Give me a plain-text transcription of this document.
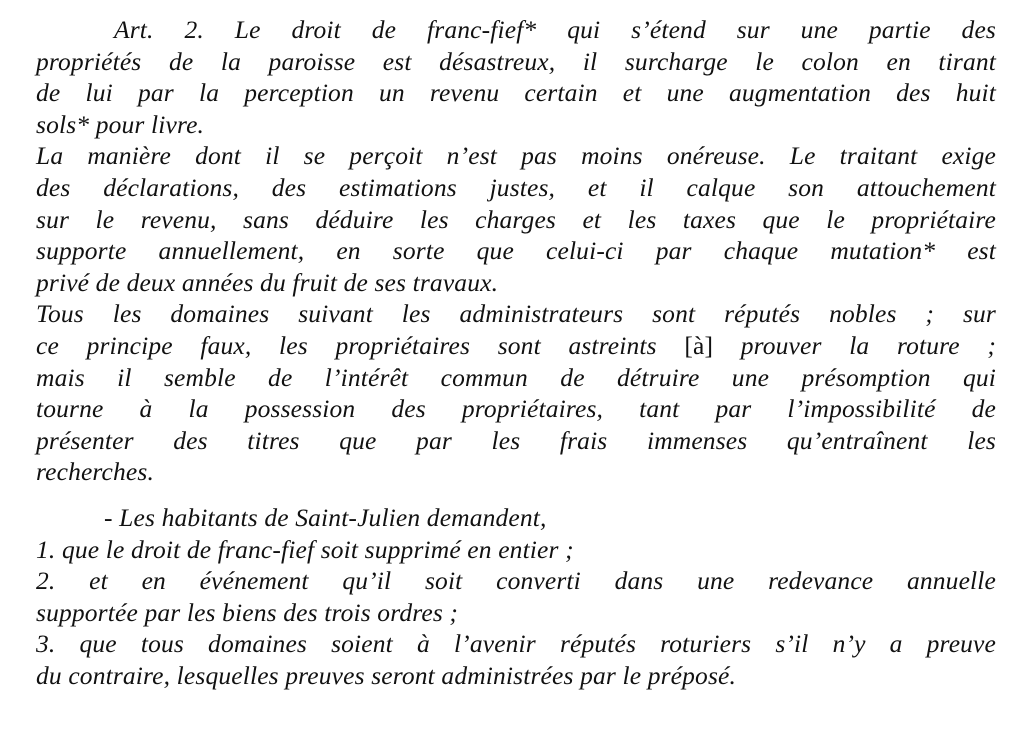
Art. 2. Le droit de franc-fief* qui s’étend sur une partie des
propriétés de la paroisse est désastreux, il surcharge le colon en tirant
de lui par la perception un revenu certain et une augmentation des huit
sols* pour livre.

La manière dont il se perçoit n’est pas moins onéreuse. Le traitant exige
des déclarations, des estimations justes, et il calque son attouchement
sur le revenu, sans déduire les charges et les taxes que le propriétaire
supporte annuellement, en sorte que celui-ci par chaque mutation* est
privé de deux années du fruit de ses travaux.

Tous les domaines suivant les administrateurs sont réputés nobles ; sur
ce principe faux, les propriétaires sont astreints [à] prouver la roture ;
mais il semble de l’intérêt commun de détruire une présomption qui
tourne à la possession des propriétaires, tant par l’impossibilité de
présenter des titres que par les frais immenses qu’entraînent les
recherches.

- Les habitants de Saint-Julien demandent,
1. que le droit de franc-fief soit supprimé en entier ;
2. et en événement qu’il soit converti dans une redevance annuelle
supportée par les biens des trois ordres ;
3. que tous domaines soient à l’avenir réputés roturiers s’il n’y a preuve
du contraire, lesquelles preuves seront administrées par le préposé.
